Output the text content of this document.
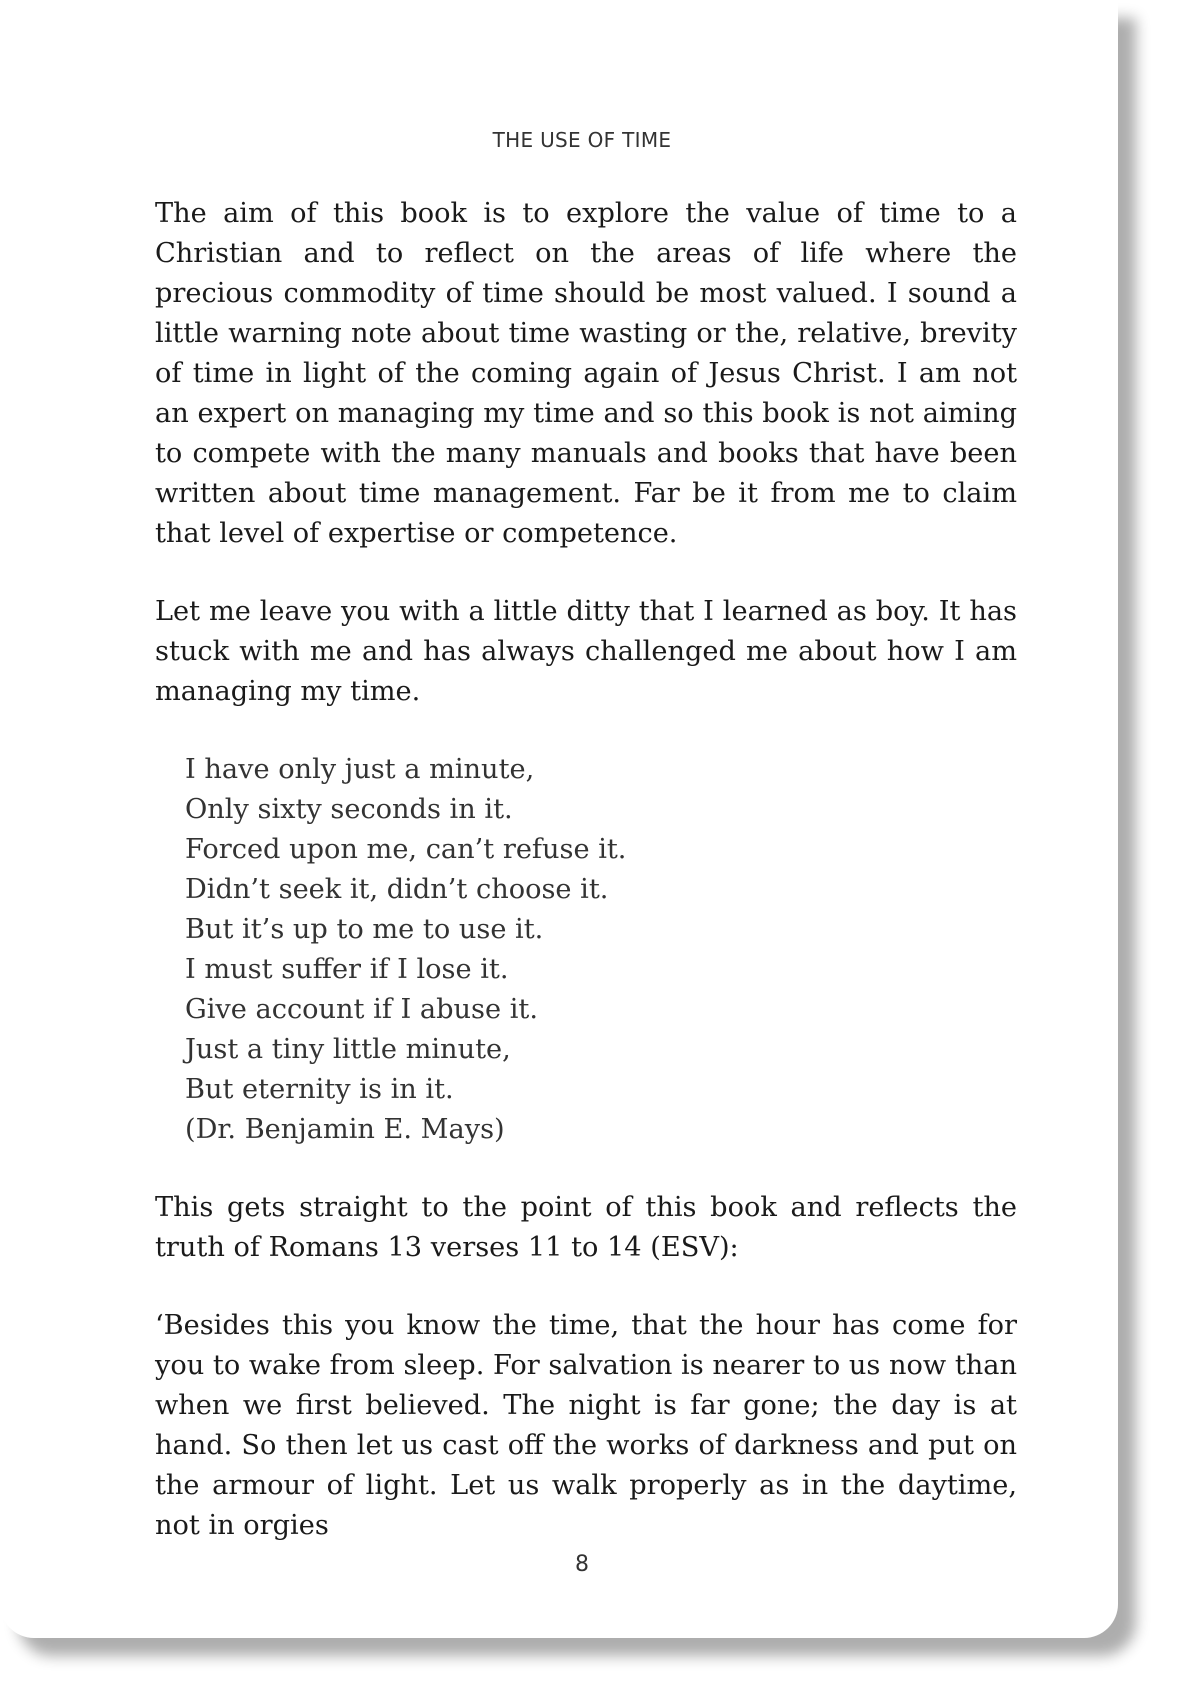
THE USE OF TIME

The aim of this book is to explore the value of time to a Christian and to reflect on the areas of life where the precious commodity of time should be most valued. I sound a little warning note about time wasting or the, relative, brevity of time in light of the coming again of Jesus Christ. I am not an expert on managing my time and so this book is not aiming to compete with the many manuals and books that have been written about time management. Far be it from me to claim that level of expertise or competence.

Let me leave you with a little ditty that I learned as boy. It has stuck with me and has always challenged me about how I am managing my time.

I have only just a minute,
Only sixty seconds in it.
Forced upon me, can’t refuse it.
Didn’t seek it, didn’t choose it.
But it’s up to me to use it.
I must suffer if I lose it.
Give account if I abuse it.
Just a tiny little minute,
But eternity is in it.
(Dr. Benjamin E. Mays)

This gets straight to the point of this book and reflects the truth of Romans 13 verses 11 to 14 (ESV):

‘Besides this you know the time, that the hour has come for you to wake from sleep. For salvation is nearer to us now than when we first believed. The night is far gone; the day is at hand. So then let us cast off the works of darkness and put on the armour of light. Let us walk properly as in the daytime, not in orgies

8
